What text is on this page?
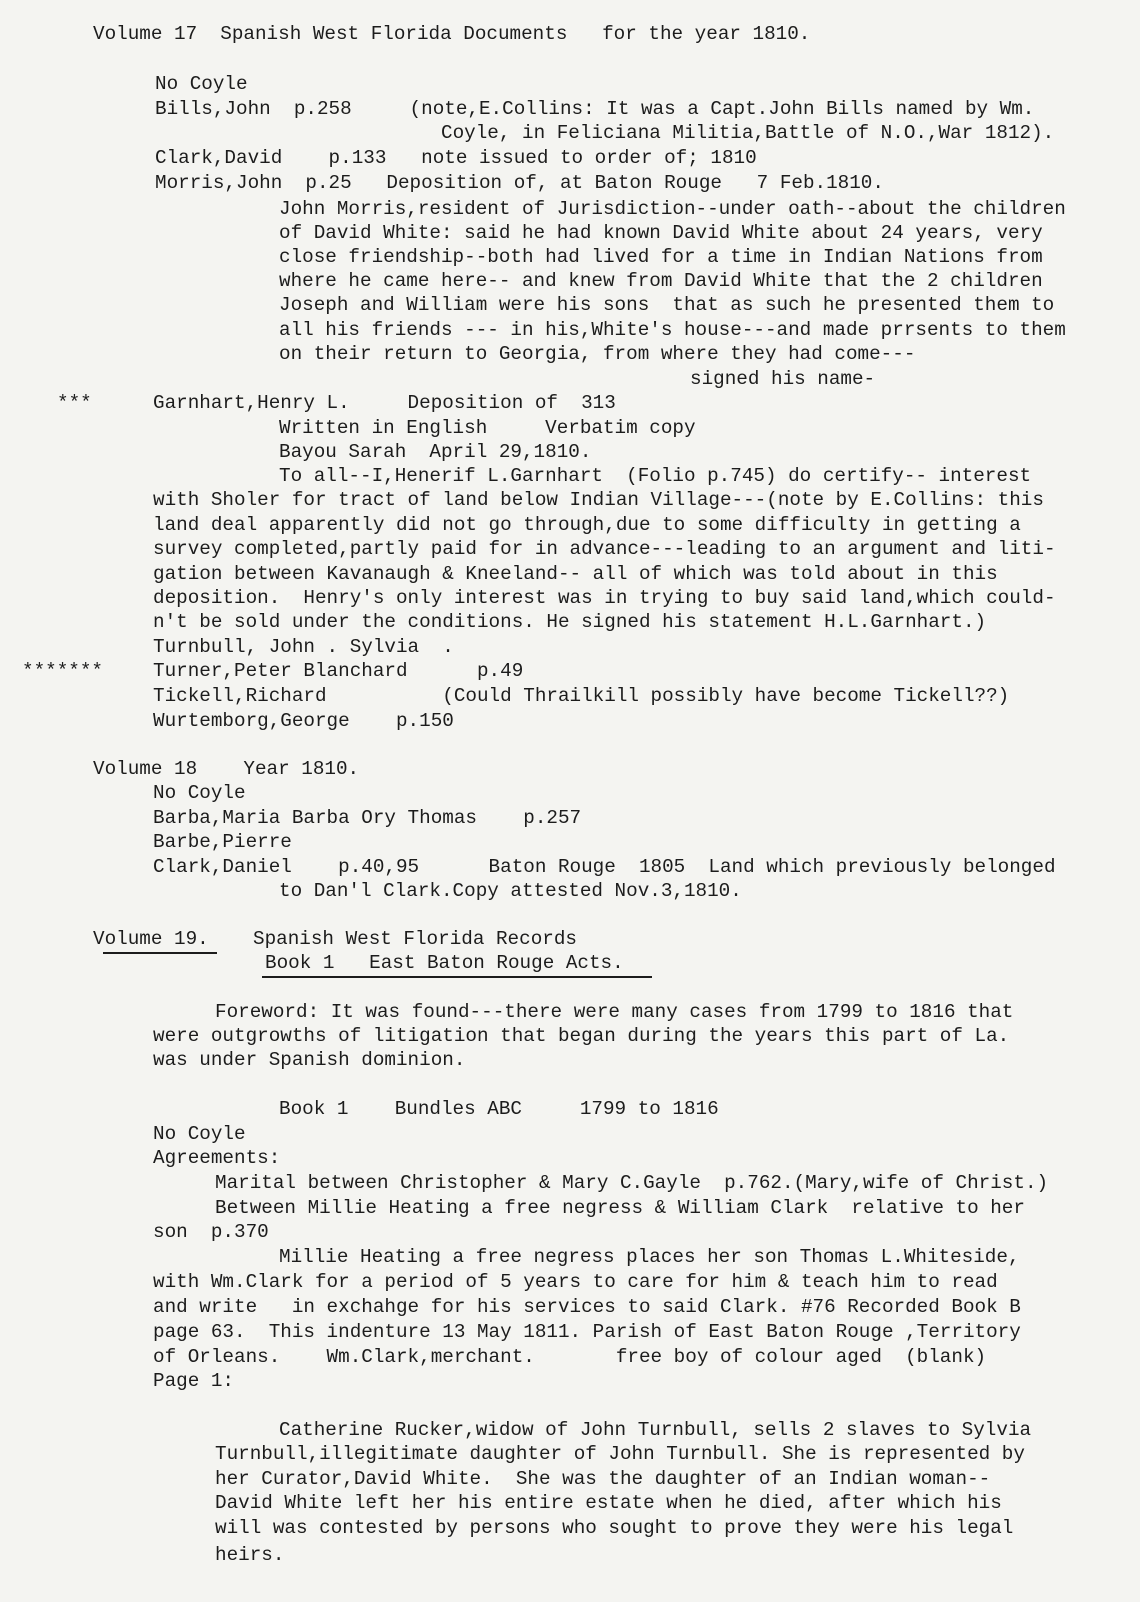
Volume 17  Spanish West Florida Documents   for the year 1810.
No Coyle
Bills,John  p.258     (note,E.Collins: It was a Capt.John Bills named by Wm.
Coyle, in Feliciana Militia,Battle of N.O.,War 1812).
Clark,David    p.133   note issued to order of; 1810
Morris,John  p.25   Deposition of, at Baton Rouge   7 Feb.1810.
John Morris,resident of Jurisdiction--under oath--about the children
of David White: said he had known David White about 24 years, very
close friendship--both had lived for a time in Indian Nations from
where he came here-- and knew from David White that the 2 children
Joseph and William were his sons  that as such he presented them to
all his friends --- in his,White's house---and made prrsents to them
on their return to Georgia, from where they had come---
signed his name-
***	Garnhart,Henry L.     Deposition of  313
Written in English     Verbatim copy
Bayou Sarah  April 29,1810.
To all--I,Henerif L.Garnhart  (Folio p.745) do certify-- interest
with Sholer for tract of land below Indian Village---(note by E.Collins: this
land deal apparently did not go through,due to some difficulty in getting a
survey completed,partly paid for in advance---leading to an argument and liti-
gation between Kavanaugh & Kneeland-- all of which was told about in this
deposition.  Henry's only interest was in trying to buy said land,which could-
n't be sold under the conditions. He signed his statement H.L.Garnhart.)
Turnbull, John . Sylvia  .
*******	Turner,Peter Blanchard      p.49
Tickell,Richard          (Could Thrailkill possibly have become Tickell??)
Wurtemborg,George    p.150
Volume 18    Year 1810.
No Coyle
Barba,Maria Barba Ory Thomas    p.257
Barbe,Pierre
Clark,Daniel    p.40,95      Baton Rouge  1805  Land which previously belonged
to Dan'l Clark.Copy attested Nov.3,1810.
Volume 19. Spanish West Florida Records
Book 1   East Baton Rouge Acts.
Foreword: It was found---there were many cases from 1799 to 1816 that
were outgrowths of litigation that began during the years this part of La.
was under Spanish dominion.
Book 1    Bundles ABC     1799 to 1816
No Coyle
Agreements:
Marital between Christopher & Mary C.Gayle  p.762.(Mary,wife of Christ.)
Between Millie Heating a free negress & William Clark  relative to her
son  p.370
Millie Heating a free negress places her son Thomas L.Whiteside,
with Wm.Clark for a period of 5 years to care for him & teach him to read
and write   in exchahge for his services to said Clark. #76 Recorded Book B
page 63.  This indenture 13 May 1811. Parish of East Baton Rouge ,Territory
of Orleans.    Wm.Clark,merchant.       free boy of colour aged  (blank)
Page 1:
Catherine Rucker,widow of John Turnbull, sells 2 slaves to Sylvia
Turnbull,illegitimate daughter of John Turnbull. She is represented by
her Curator,David White.  She was the daughter of an Indian woman--
David White left her his entire estate when he died, after which his
will was contested by persons who sought to prove they were his legal
heirs.
